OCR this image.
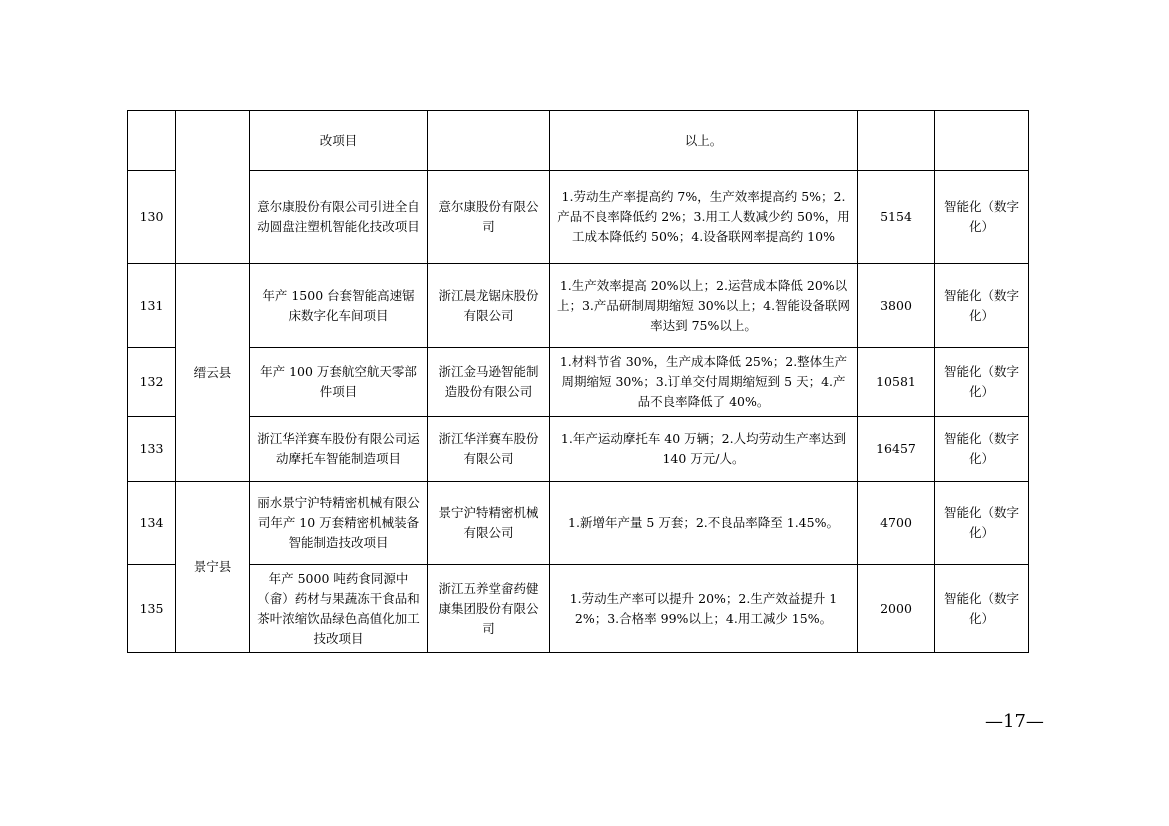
		改项目		以上。		
130		意尔康股份有限公司引进全自动圆盘注塑机智能化技改项目	意尔康股份有限公司	1.劳动生产率提高约 7%，生产效率提高约 5%；2.产品不良率降低约 2%；3.用工人数减少约 50%，用工成本降低约 50%；4.设备联网率提高约 10%	5154	智能化（数字化）
131	缙云县	年产 1500 台套智能高速锯 床数字化车间项目	浙江晨龙锯床股份有限公司	1.生产效率提高 20%以上；2.运营成本降低 20%以上；3.产品研制周期缩短 30%以上；4.智能设备联网率达到 75%以上。	3800	智能化（数字化）
132		年产 100 万套航空航天零部件项目	浙江金马逊智能制造股份有限公司	1.材料节省 30%，生产成本降低 25%；2.整体生产周期缩短 30%；3.订单交付周期缩短到 5 天；4.产品不良率降低了 40%。	10581	智能化（数字化）
133		浙江华洋赛车股份有限公司运动摩托车智能制造项目	浙江华洋赛车股份有限公司	1.年产运动摩托车 40 万辆；2.人均劳动生产率达到 140 万元/人。	16457	智能化（数字化）
134	景宁县	丽水景宁沪特精密机械有限公司年产 10 万套精密机械装备智能制造技改项目	景宁沪特精密机械有限公司	1.新增年产量 5 万套；2.不良品率降至 1.45%。	4700	智能化（数字化）
135		年产 5000 吨药食同源中（畲）药材与果蔬冻干食品和茶叶浓缩饮品绿色高值化加工技改项目	浙江五养堂畲药健康集团股份有限公司	1.劳动生产率可以提升 20%；2.生产效益提升 12%；3.合格率 99%以上；4.用工减少 15%。	2000	智能化（数字化）
—17—
